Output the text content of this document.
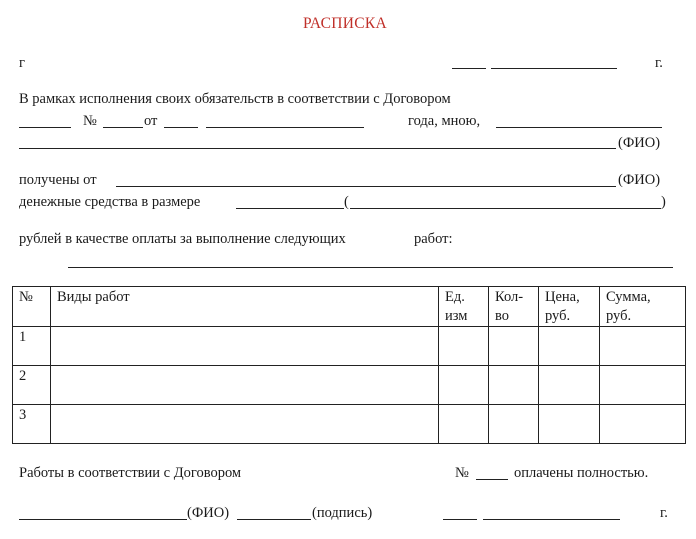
РАСПИСКА
г	г.
В рамках исполнения своих обязательств в соответствии с Договором
№	от	года, мною,
(ФИО)
получены от	(ФИО)
денежные средства в размере	(	)
рублей в качестве оплаты за выполнение следующих	работ:
№	Виды работ	Ед. изм	Кол-во	Цена, руб.	Сумма, руб.
1					
2					
3					
Работы в соответствии с Договором	№	оплачены полностью.
(ФИО)	(подпись)	г.
